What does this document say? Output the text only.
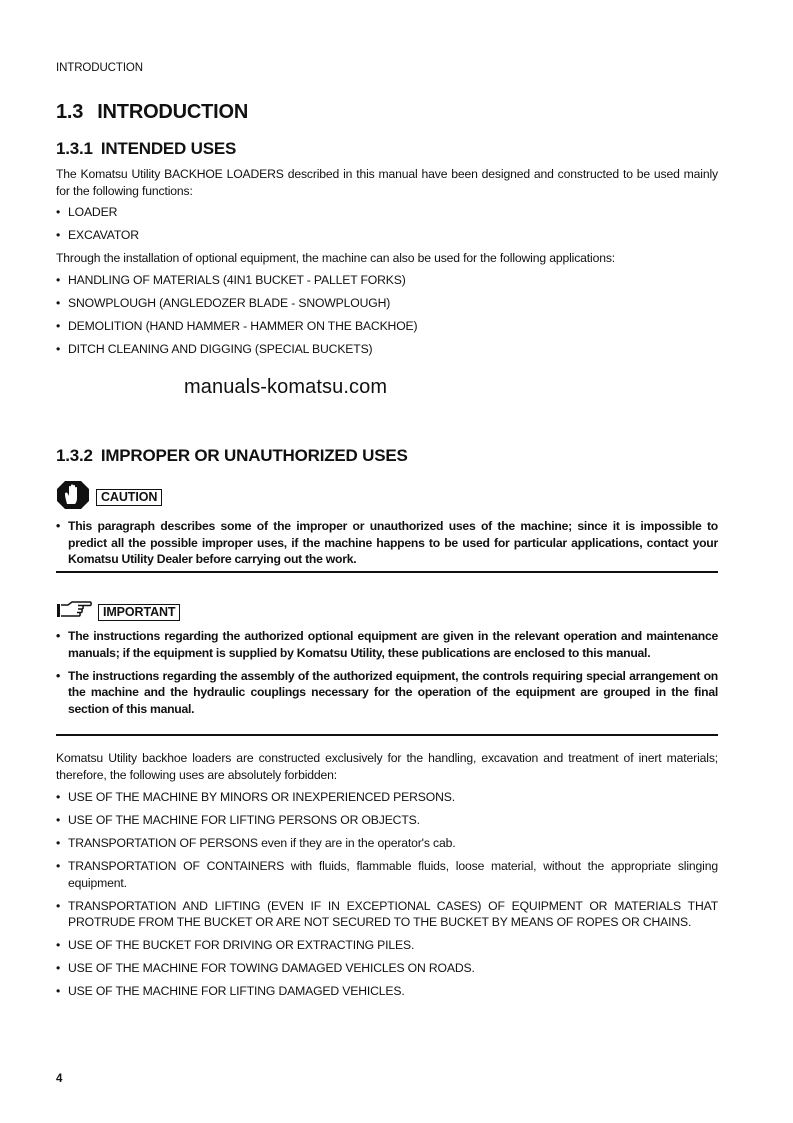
INTRODUCTION
1.3 INTRODUCTION
1.3.1 INTENDED USES
The Komatsu Utility BACKHOE LOADERS described in this manual have been designed and constructed to be used mainly for the following functions:
• LOADER
• EXCAVATOR
Through the installation of optional equipment, the machine can also be used for the following applications:
• HANDLING OF MATERIALS (4IN1 BUCKET - PALLET FORKS)
• SNOWPLOUGH (ANGLEDOZER BLADE - SNOWPLOUGH)
• DEMOLITION (HAND HAMMER - HAMMER ON THE BACKHOE)
• DITCH CLEANING AND DIGGING (SPECIAL BUCKETS)
manuals-komatsu.com
1.3.2 IMPROPER OR UNAUTHORIZED USES
CAUTION
• This paragraph describes some of the improper or unauthorized uses of the machine; since it is impossible to predict all the possible improper uses, if the machine happens to be used for particular applications, contact your Komatsu Utility Dealer before carrying out the work.
IMPORTANT
• The instructions regarding the authorized optional equipment are given in the relevant operation and maintenance manuals; if the equipment is supplied by Komatsu Utility, these publications are enclosed to this manual.
• The instructions regarding the assembly of the authorized equipment, the controls requiring special arrangement on the machine and the hydraulic couplings necessary for the operation of the equipment are grouped in the final section of this manual.
Komatsu Utility backhoe loaders are constructed exclusively for the handling, excavation and treatment of inert materials; therefore, the following uses are absolutely forbidden:
• USE OF THE MACHINE BY MINORS OR INEXPERIENCED PERSONS.
• USE OF THE MACHINE FOR LIFTING PERSONS OR OBJECTS.
• TRANSPORTATION OF PERSONS even if they are in the operator's cab.
• TRANSPORTATION OF CONTAINERS with fluids, flammable fluids, loose material, without the appropriate slinging equipment.
• TRANSPORTATION AND LIFTING (EVEN IF IN EXCEPTIONAL CASES) OF EQUIPMENT OR MATERIALS THAT PROTRUDE FROM THE BUCKET OR ARE NOT SECURED TO THE BUCKET BY MEANS OF ROPES OR CHAINS.
• USE OF THE BUCKET FOR DRIVING OR EXTRACTING PILES.
• USE OF THE MACHINE FOR TOWING DAMAGED VEHICLES ON ROADS.
• USE OF THE MACHINE FOR LIFTING DAMAGED VEHICLES.
4
